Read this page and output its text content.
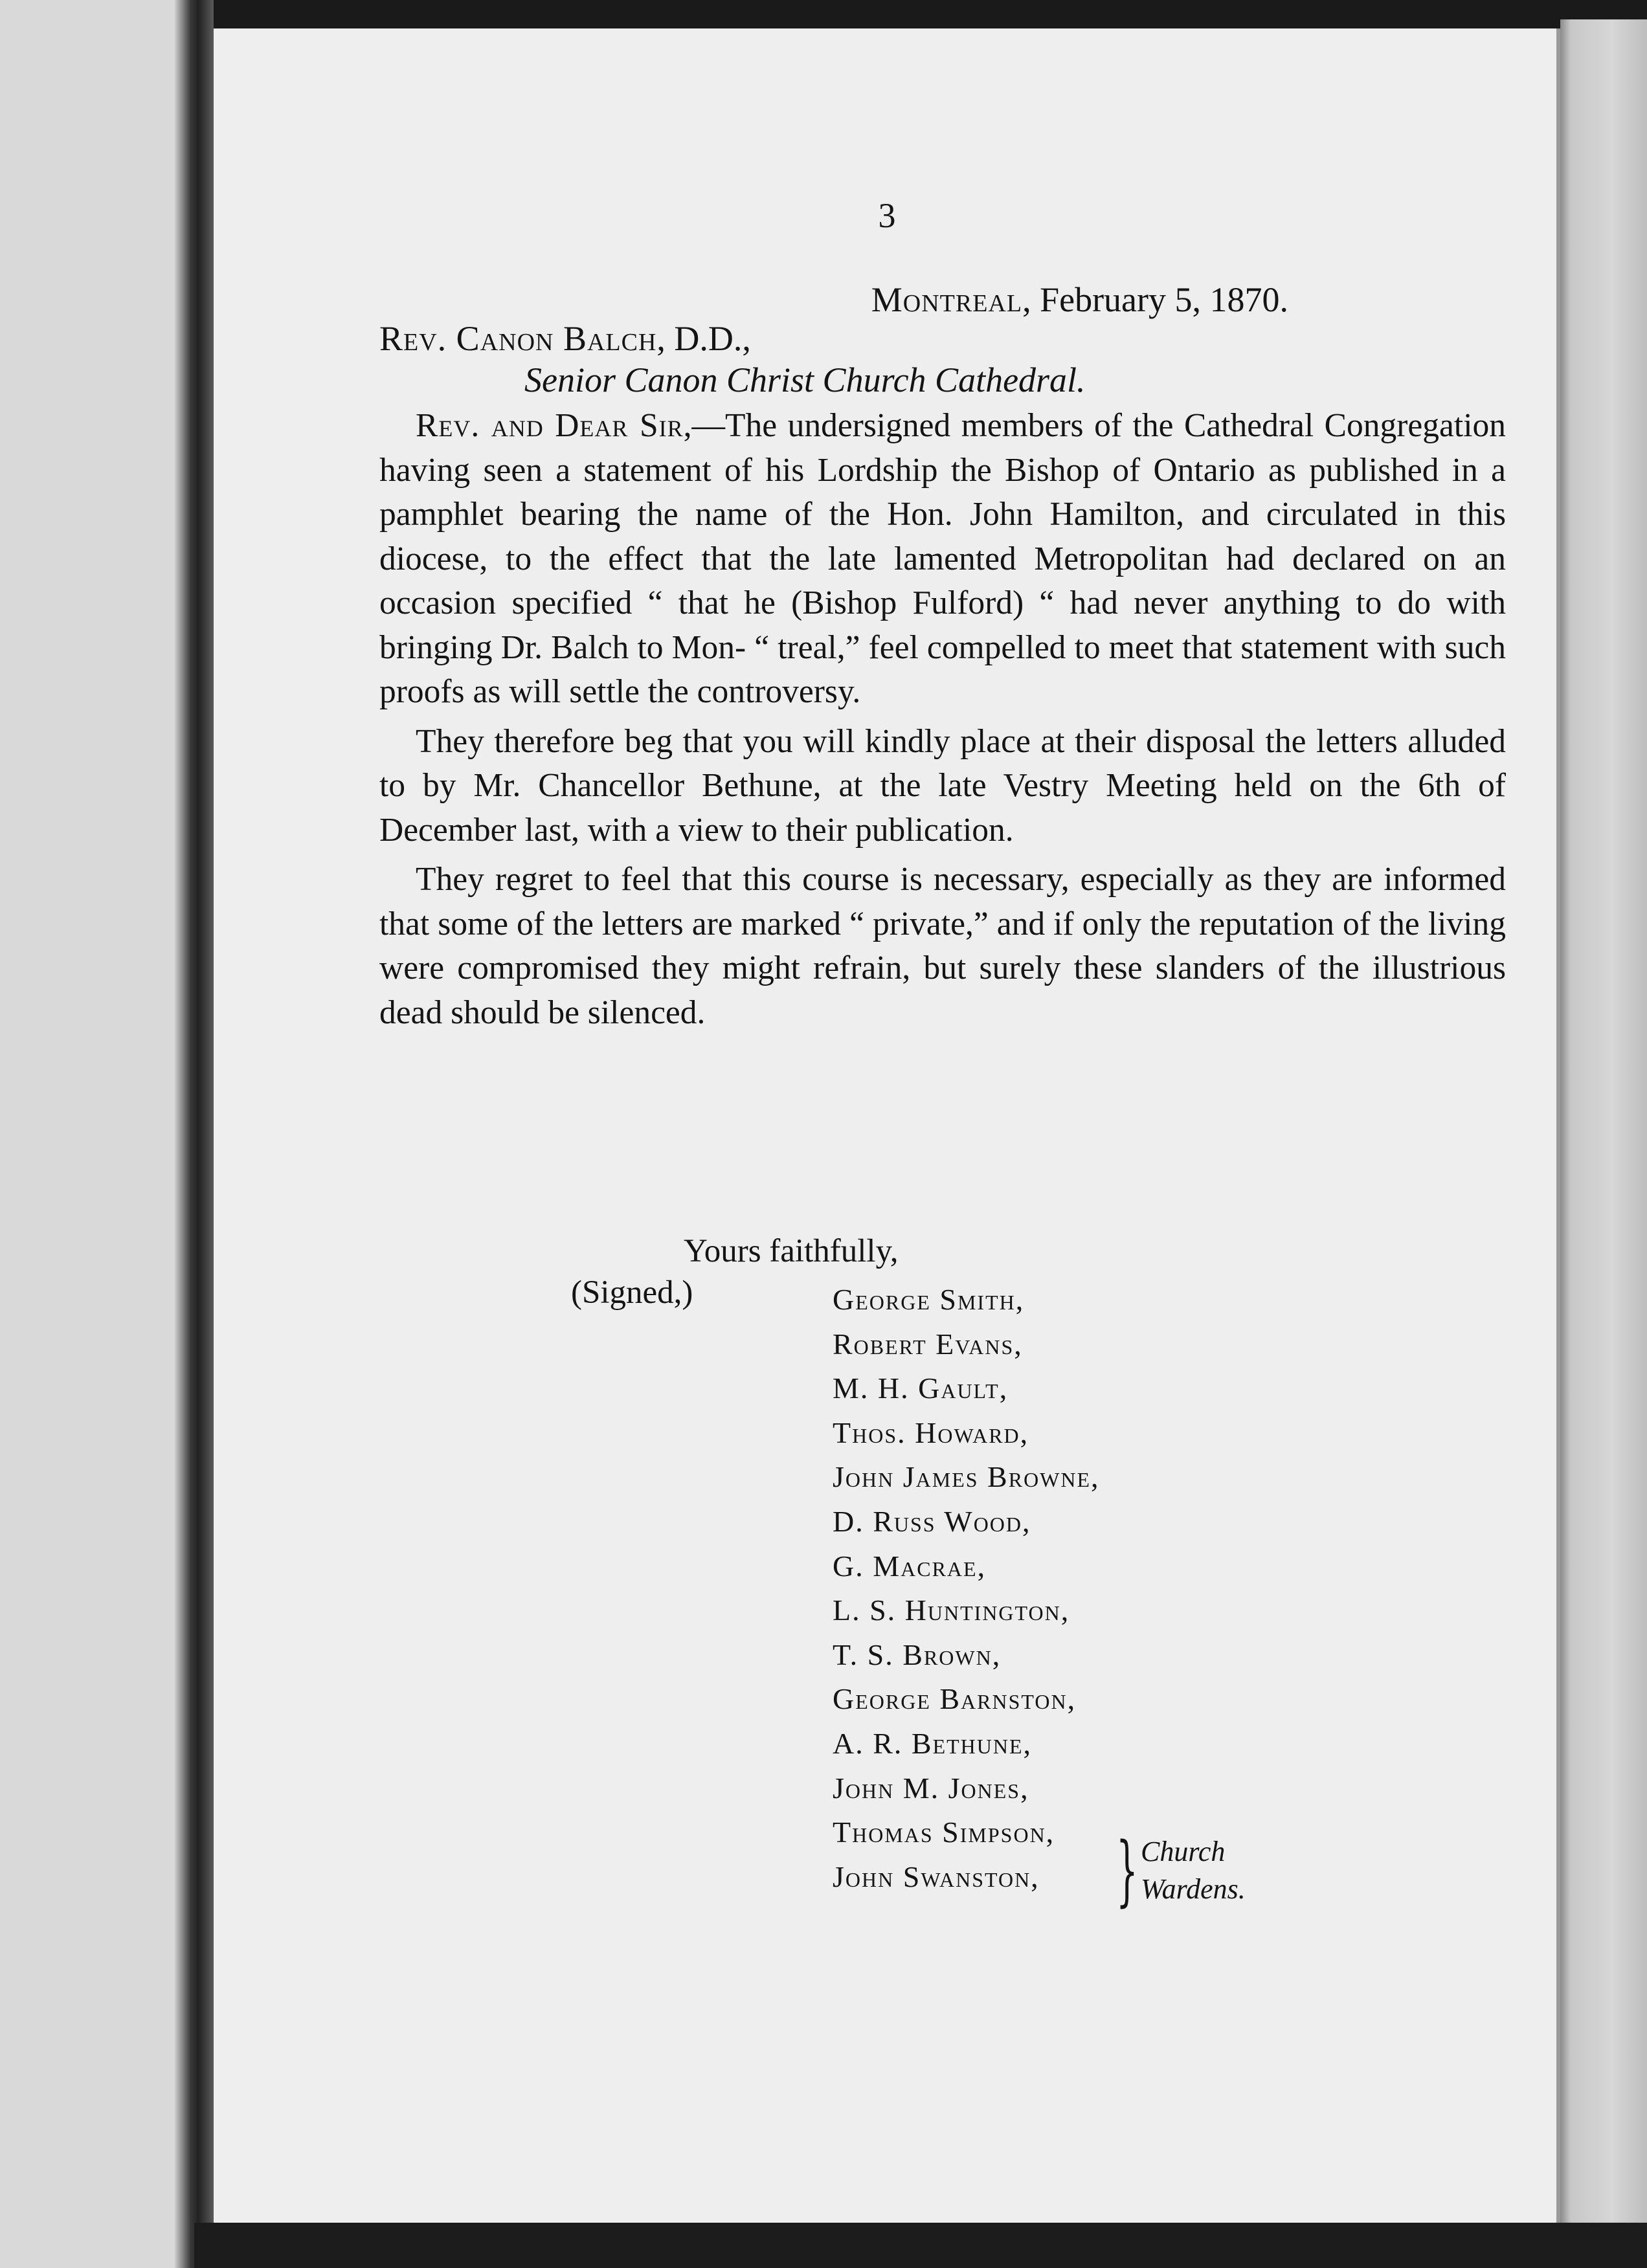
3
Montreal, February 5, 1870.
Rev. Canon Balch, D.D.,
Senior Canon Christ Church Cathedral.

Rev. and Dear Sir,—The undersigned members of the Cathedral Congregation having seen a statement of his Lordship the Bishop of Ontario as published in a pamphlet bearing the name of the Hon. John Hamilton, and circulated in this diocese, to the effect that the late lamented Metropolitan had declared on an occasion specified “ that he (Bishop Fulford) “ had never anything to do with bringing Dr. Balch to Mon- “ treal,” feel compelled to meet that statement with such proofs as will settle the controversy.

They therefore beg that you will kindly place at their disposal the letters alluded to by Mr. Chancellor Bethune, at the late Vestry Meeting held on the 6th of December last, with a view to their publication.

They regret to feel that this course is necessary, especially as they are informed that some of the letters are marked “ private,” and if only the reputation of the living were compromised they might refrain, but surely these slanders of the illustrious dead should be silenced.

Yours faithfully,
(Signed,)	George Smith,
Robert Evans,
M. H. Gault,
Thos. Howard,
John James Browne,
D. Russ Wood,
G. Macrae,
L. S. Huntington,
T. S. Brown,
George Barnston,
A. R. Bethune,
John M. Jones,
Thomas Simpson,
John Swanston,	} Church
Wardens.
